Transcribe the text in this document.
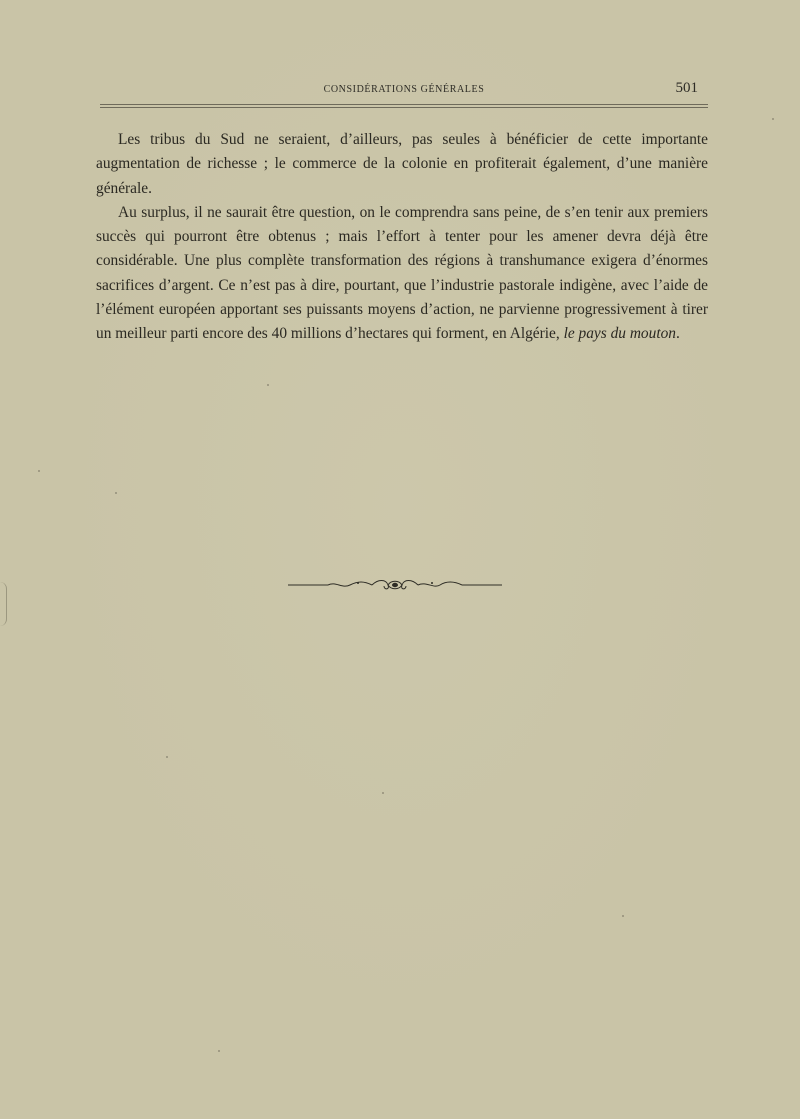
CONSIDÉRATIONS GÉNÉRALES	501

Les tribus du Sud ne seraient, d’ailleurs, pas seules à bénéficier de cette importante augmentation de richesse ; le commerce de la colonie en profiterait également, d’une manière générale.

Au surplus, il ne saurait être question, on le comprendra sans peine, de s’en tenir aux premiers succès qui pourront être obtenus ; mais l’effort à tenter pour les amener devra déjà être considérable. Une plus complète transformation des régions à transhumance exigera d’énormes sacrifices d’argent. Ce n’est pas à dire, pourtant, que l’industrie pastorale indigène, avec l’aide de l’élément européen apportant ses puissants moyens d’action, ne parvienne progressivement à tirer un meilleur parti encore des 40 millions d’hectares qui forment, en Algérie, le pays du mouton.
